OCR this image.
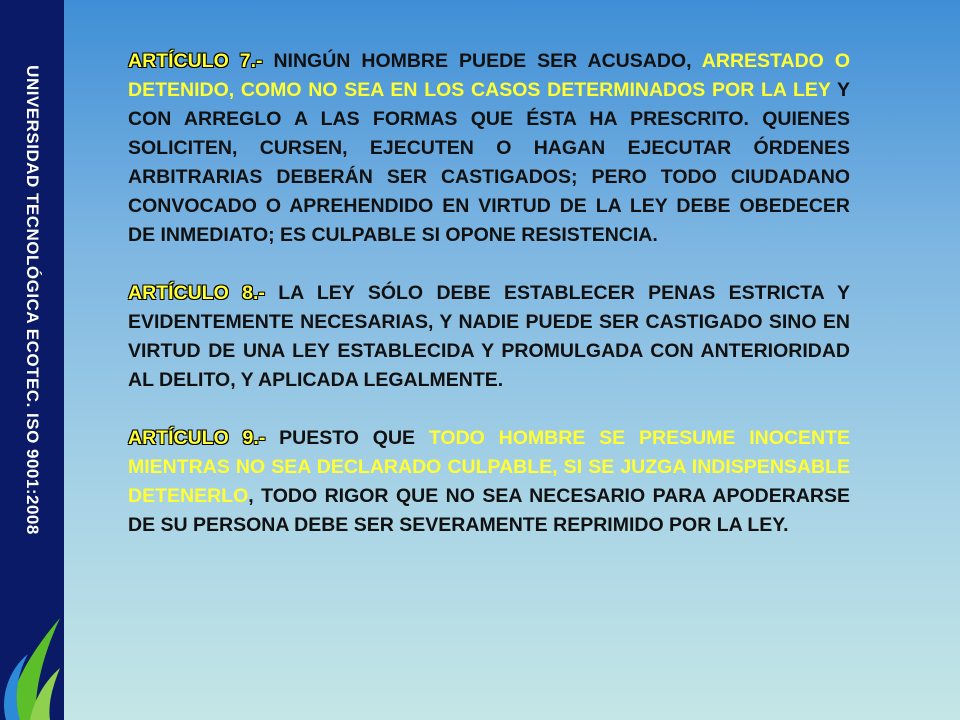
UNIVERSIDAD TECNOLÓGICA ECOTEC. ISO 9001:2008

ARTÍCULO 7.- NINGÚN HOMBRE PUEDE SER ACUSADO, ARRESTADO O DETENIDO, COMO NO SEA EN LOS CASOS DETERMINADOS POR LA LEY Y CON ARREGLO A LAS FORMAS QUE ÉSTA HA PRESCRITO. QUIENES SOLICITEN, CURSEN, EJECUTEN O HAGAN EJECUTAR ÓRDENES ARBITRARIAS DEBERÁN SER CASTIGADOS; PERO TODO CIUDADANO CONVOCADO O APREHENDIDO EN VIRTUD DE LA LEY DEBE OBEDECER DE INMEDIATO; ES CULPABLE SI OPONE RESISTENCIA.

ARTÍCULO 8.- LA LEY SÓLO DEBE ESTABLECER PENAS ESTRICTA Y EVIDENTEMENTE NECESARIAS, Y NADIE PUEDE SER CASTIGADO SINO EN VIRTUD DE UNA LEY ESTABLECIDA Y PROMULGADA CON ANTERIORIDAD AL DELITO, Y APLICADA LEGALMENTE.

ARTÍCULO 9.- PUESTO QUE TODO HOMBRE SE PRESUME INOCENTE MIENTRAS NO SEA DECLARADO CULPABLE, SI SE JUZGA INDISPENSABLE DETENERLO, TODO RIGOR QUE NO SEA NECESARIO PARA APODERARSE DE SU PERSONA DEBE SER SEVERAMENTE REPRIMIDO POR LA LEY.
